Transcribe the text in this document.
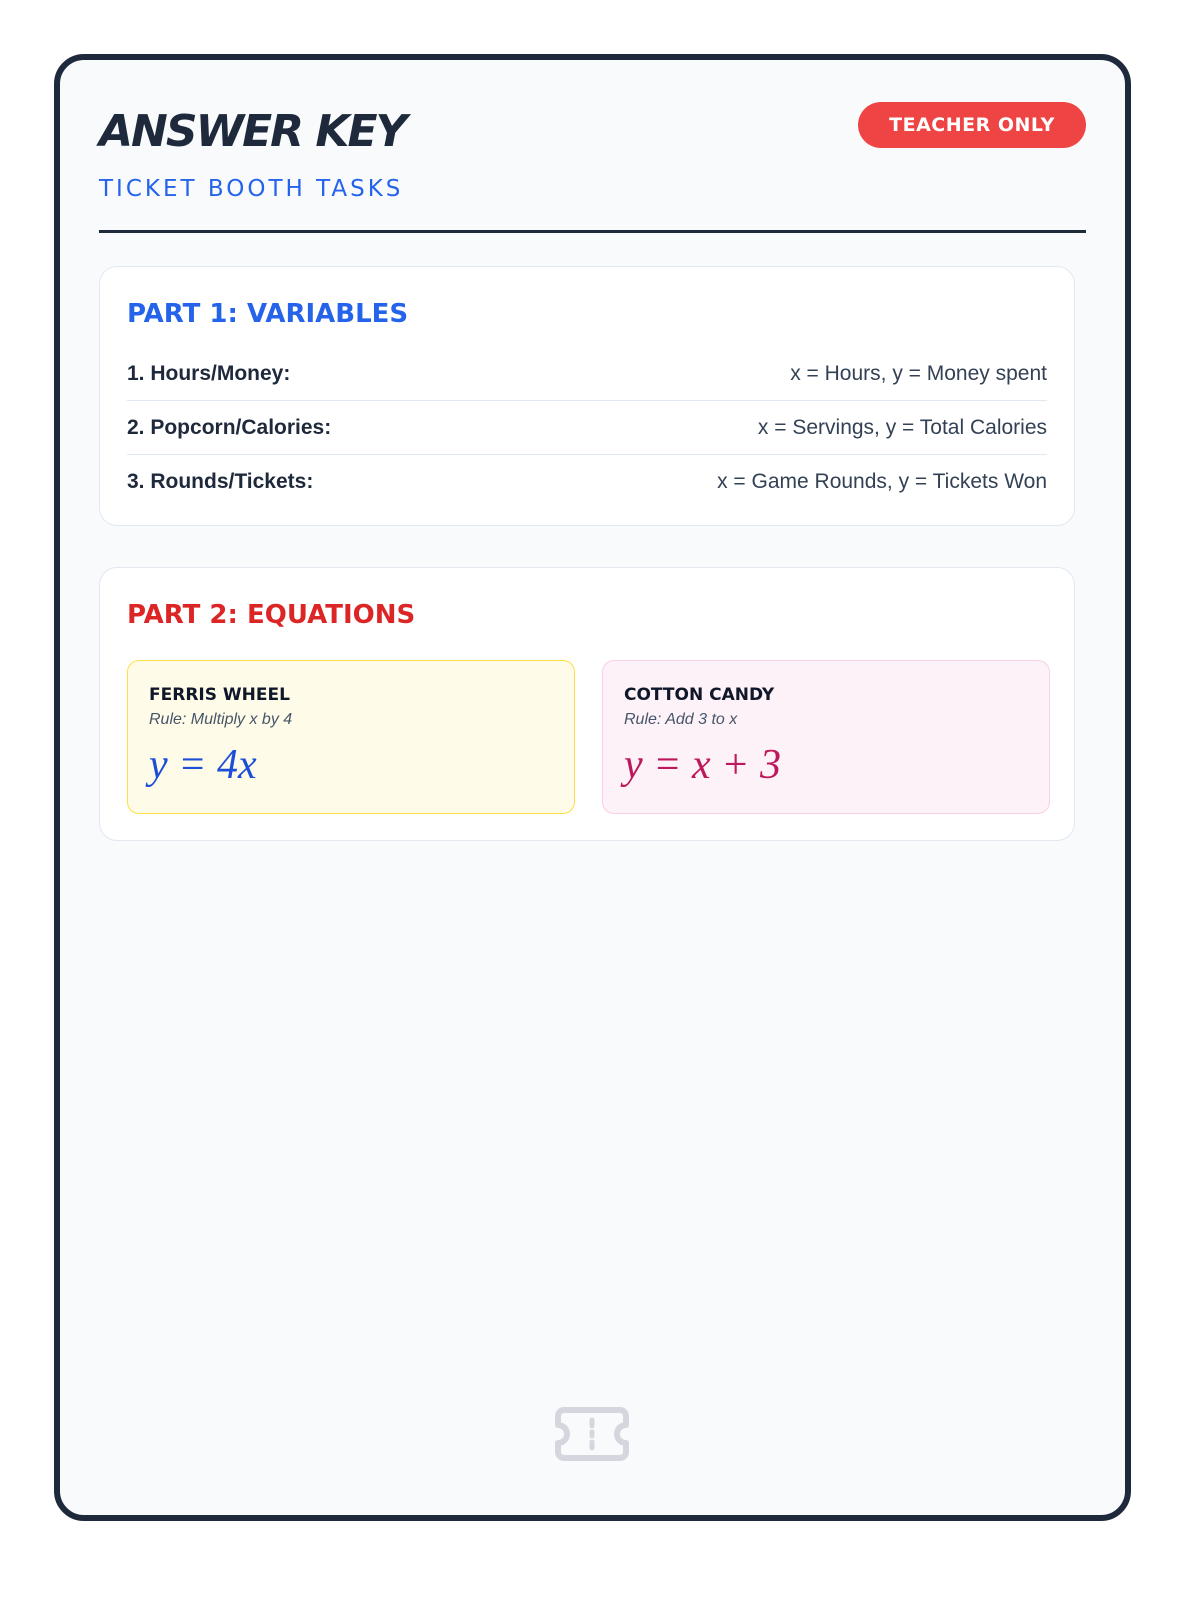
ANSWER KEY
TICKET BOOTH TASKS
TEACHER ONLY
PART 1: VARIABLES
1. Hours/Money:	x = Hours, y = Money spent
2. Popcorn/Calories:	x = Servings, y = Total Calories
3. Rounds/Tickets:	x = Game Rounds, y = Tickets Won
PART 2: EQUATIONS
FERRIS WHEEL
Rule: Multiply x by 4
y = 4x
COTTON CANDY
Rule: Add 3 to x
y = x + 3
